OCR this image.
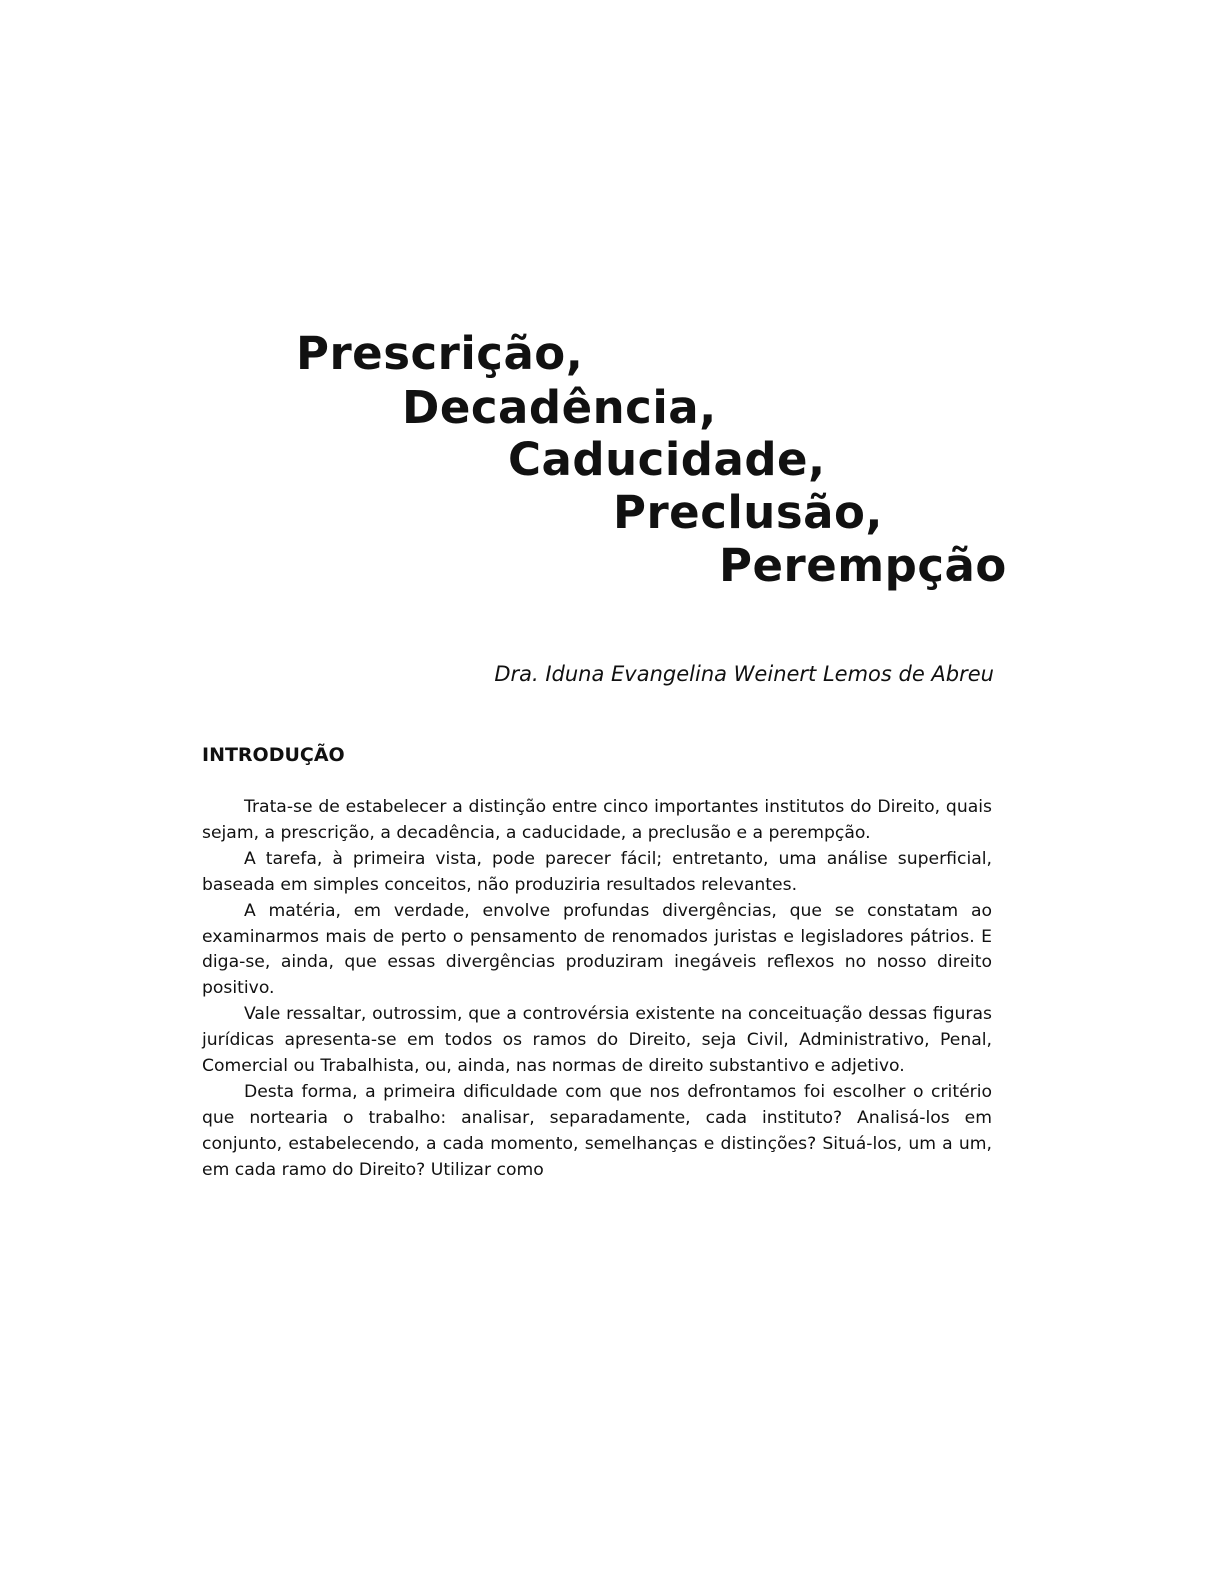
Prescrição,
Decadência,
Caducidade,
Preclusão,
Perempção
Dra. Iduna Evangelina Weinert Lemos de Abreu
INTRODUÇÃO

Trata-se de estabelecer a distinção entre cinco importantes institutos do Direito, quais sejam, a prescrição, a decadência, a caducidade, a preclusão e a perempção.

A tarefa, à primeira vista, pode parecer fácil; entretanto, uma análise superficial, baseada em simples conceitos, não produziria resultados relevantes.

A matéria, em verdade, envolve profundas divergências, que se constatam ao examinarmos mais de perto o pensamento de renomados juristas e legisladores pátrios. E diga-se, ainda, que essas divergências produziram inegáveis reflexos no nosso direito positivo.

Vale ressaltar, outrossim, que a controvérsia existente na conceituação dessas figuras jurídicas apresenta-se em todos os ramos do Direito, seja Civil, Administrativo, Penal, Comercial ou Trabalhista, ou, ainda, nas normas de direito substantivo e adjetivo.

Desta forma, a primeira dificuldade com que nos defrontamos foi escolher o critério que nortearia o trabalho: analisar, separadamente, cada instituto? Analisá-los em conjunto, estabelecendo, a cada momento, semelhanças e distinções? Situá-los, um a um, em cada ramo do Direito? Utilizar como
